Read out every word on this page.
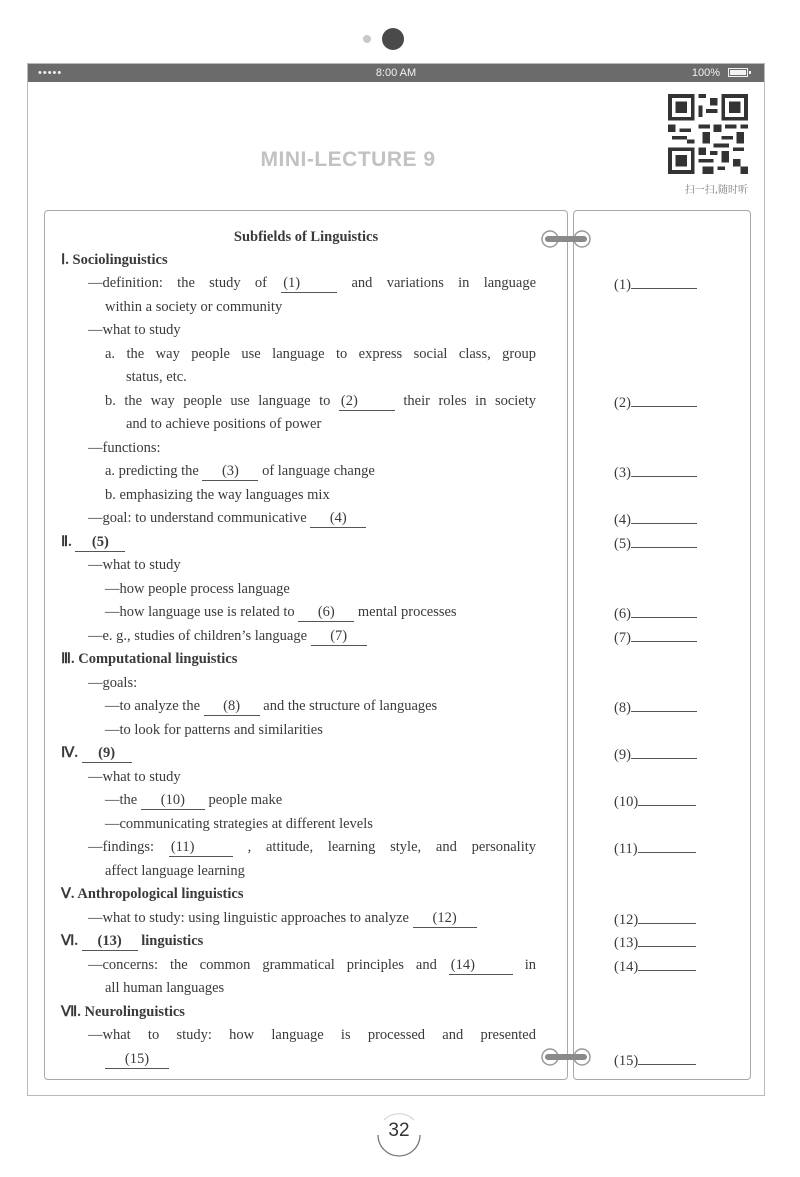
•••••	8:00 AM	100%
MINI-LECTURE 9
扫一扫,随时听
Subfields of Linguistics
Ⅰ. Sociolinguistics
—definition: the study of (1)	and variations in language
within a society or community
—what to study
a. the way people use language to express social class, group
status, etc.
b. the way people use language to (2)	their roles in society
and to achieve positions of power
—functions:
a. predicting the (3) of language change
b. emphasizing the way languages mix
—goal: to understand communicative (4)
Ⅱ. (5)
—what to study
—how people process language
—how language use is related to (6) mental processes
—e. g., studies of children’s language (7)
Ⅲ. Computational linguistics
—goals:
—to analyze the (8) and the structure of languages
—to look for patterns and similarities
Ⅳ. (9)
—what to study
—the (10) people make
—communicating strategies at different levels
—findings: (11)	, attitude, learning style, and personality
affect language learning
Ⅴ. Anthropological linguistics
—what to study: using linguistic approaches to analyze (12)
Ⅵ. (13) linguistics
—concerns: the common grammatical principles and (14)	in
all human languages
Ⅶ. Neurolinguistics
—what to study: how language is processed and presented
(15)
(1)
(2)
(3)
(4)
(5)
(6)
(7)
(8)
(9)
(10)
(11)
(12)
(13)
(14)
(15)
32
